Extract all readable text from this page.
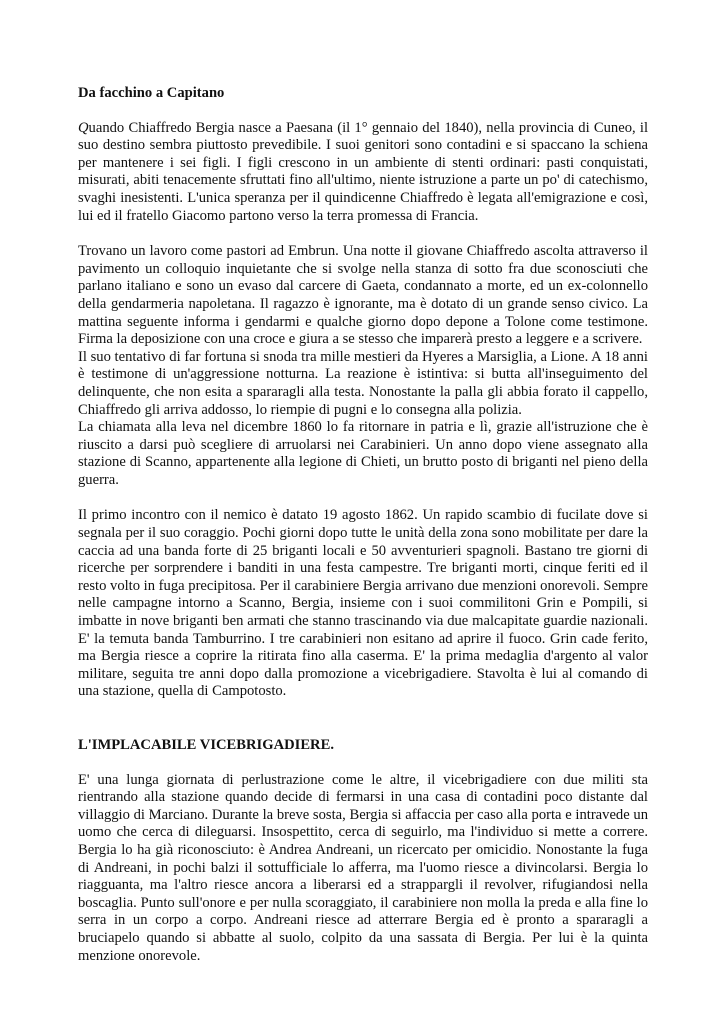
Da facchino a Capitano

Quando Chiaffredo Bergia nasce a Paesana (il 1° gennaio del 1840), nella provincia di Cuneo, il suo destino sembra piuttosto prevedibile. I suoi genitori sono contadini e si spaccano la schiena per mantenere i sei figli. I figli crescono in un ambiente di stenti ordinari: pasti conquistati, misurati, abiti tenacemente sfruttati fino all'ultimo, niente istruzione a parte un po' di catechismo, svaghi inesistenti. L'unica speranza per il quindicenne Chiaffredo è legata all'emigrazione e così, lui ed il fratello Giacomo partono verso la terra promessa di Francia.

Trovano un lavoro come pastori ad Embrun. Una notte il giovane Chiaffredo ascolta attraverso il pavimento un colloquio inquietante che si svolge nella stanza di sotto fra due sconosciuti che parlano italiano e sono un evaso dal carcere di Gaeta, condannato a morte, ed un ex-colonnello della gendarmeria napoletana. Il ragazzo è ignorante, ma è dotato di un grande senso civico. La mattina seguente informa i gendarmi e qualche giorno dopo depone a Tolone come testimone. Firma la deposizione con una croce e giura a se stesso che imparerà presto a leggere e a scrivere.

Il suo tentativo di far fortuna si snoda tra mille mestieri da Hyeres a Marsiglia, a Lione. A 18 anni è testimone di un'aggressione notturna. La reazione è istintiva: si butta all'inseguimento del delinquente, che non esita a spararagli alla testa. Nonostante la palla gli abbia forato il cappello, Chiaffredo gli arriva addosso, lo riempie di pugni e lo consegna alla polizia.

La chiamata alla leva nel dicembre 1860 lo fa ritornare in patria e lì, grazie all'istruzione che è riuscito a darsi può scegliere di arruolarsi nei Carabinieri. Un anno dopo viene assegnato alla stazione di Scanno, appartenente alla legione di Chieti, un brutto posto di briganti nel pieno della guerra.

Il primo incontro con il nemico è datato 19 agosto 1862. Un rapido scambio di fucilate dove si segnala per il suo coraggio. Pochi giorni dopo tutte le unità della zona sono mobilitate per dare la caccia ad una banda forte di 25 briganti locali e 50 avventurieri spagnoli. Bastano tre giorni di ricerche per sorprendere i banditi in una festa campestre. Tre briganti morti, cinque feriti ed il resto volto in fuga precipitosa. Per il carabiniere Bergia arrivano due menzioni onorevoli. Sempre nelle campagne intorno a Scanno, Bergia, insieme con i suoi commilitoni Grin e Pompili, si imbatte in nove briganti ben armati che stanno trascinando via due malcapitate guardie nazionali. E' la temuta banda Tamburrino. I tre carabinieri non esitano ad aprire il fuoco. Grin cade ferito, ma Bergia riesce a coprire la ritirata fino alla caserma. E' la prima medaglia d'argento al valor militare, seguita tre anni dopo dalla promozione a vicebrigadiere. Stavolta è lui al comando di una stazione, quella di Campotosto.

L'IMPLACABILE VICEBRIGADIERE.

E' una lunga giornata di perlustrazione come le altre, il vicebrigadiere con due militi sta rientrando alla stazione quando decide di fermarsi in una casa di contadini poco distante dal villaggio di Marciano. Durante la breve sosta, Bergia si affaccia per caso alla porta e intravede un uomo che cerca di dileguarsi. Insospettito, cerca di seguirlo, ma l'individuo si mette a correre. Bergia lo ha già riconosciuto: è Andrea Andreani, un ricercato per omicidio. Nonostante la fuga di Andreani, in pochi balzi il sottufficiale lo afferra, ma l'uomo riesce a divincolarsi. Bergia lo riagguanta, ma l'altro riesce ancora a liberarsi ed a strappargli il revolver, rifugiandosi nella boscaglia. Punto sull'onore e per nulla scoraggiato, il carabiniere non molla la preda e alla fine lo serra in un corpo a corpo. Andreani riesce ad atterrare Bergia ed è pronto a spararagli a bruciapelo quando si abbatte al suolo, colpito da una sassata di Bergia. Per lui è la quinta menzione onorevole.
